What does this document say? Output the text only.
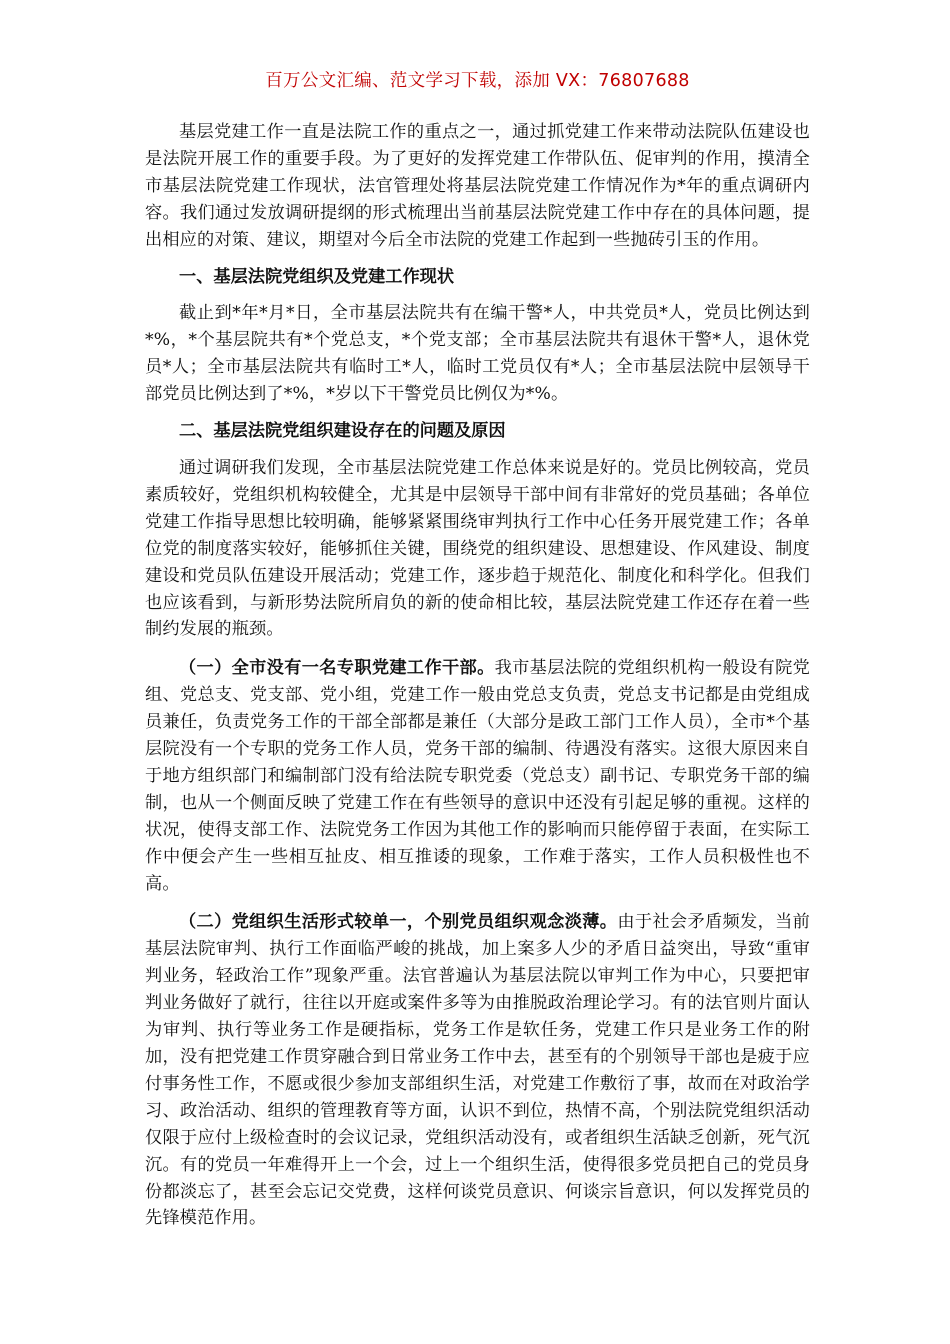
百万公文汇编、范文学习下载，添加 VX：76807688

基层党建工作一直是法院工作的重点之一，通过抓党建工作来带动法院队伍建设也是法院开展工作的重要手段。为了更好的发挥党建工作带队伍、促审判的作用，摸清全市基层法院党建工作现状，法官管理处将基层法院党建工作情况作为*年的重点调研内容。我们通过发放调研提纲的形式梳理出当前基层法院党建工作中存在的具体问题，提出相应的对策、建议，期望对今后全市法院的党建工作起到一些抛砖引玉的作用。

一、基层法院党组织及党建工作现状

截止到*年*月*日，全市基层法院共有在编干警*人，中共党员*人，党员比例达到*%，*个基层院共有*个党总支，*个党支部；全市基层法院共有退休干警*人，退休党员*人；全市基层法院共有临时工*人，临时工党员仅有*人；全市基层法院中层领导干部党员比例达到了*%，*岁以下干警党员比例仅为*%。

二、基层法院党组织建设存在的问题及原因

通过调研我们发现，全市基层法院党建工作总体来说是好的。党员比例较高，党员素质较好，党组织机构较健全，尤其是中层领导干部中间有非常好的党员基础；各单位党建工作指导思想比较明确，能够紧紧围绕审判执行工作中心任务开展党建工作；各单位党的制度落实较好，能够抓住关键，围绕党的组织建设、思想建设、作风建设、制度建设和党员队伍建设开展活动；党建工作，逐步趋于规范化、制度化和科学化。但我们也应该看到，与新形势法院所肩负的新的使命相比较，基层法院党建工作还存在着一些制约发展的瓶颈。

（一）全市没有一名专职党建工作干部。我市基层法院的党组织机构一般设有院党组、党总支、党支部、党小组，党建工作一般由党总支负责，党总支书记都是由党组成员兼任，负责党务工作的干部全部都是兼任（大部分是政工部门工作人员），全市*个基层院没有一个专职的党务工作人员，党务干部的编制、待遇没有落实。这很大原因来自于地方组织部门和编制部门没有给法院专职党委（党总支）副书记、专职党务干部的编制，也从一个侧面反映了党建工作在有些领导的意识中还没有引起足够的重视。这样的状况，使得支部工作、法院党务工作因为其他工作的影响而只能停留于表面，在实际工作中便会产生一些相互扯皮、相互推诿的现象，工作难于落实，工作人员积极性也不高。

（二）党组织生活形式较单一，个别党员组织观念淡薄。由于社会矛盾频发，当前基层法院审判、执行工作面临严峻的挑战，加上案多人少的矛盾日益突出，导致“重审判业务，轻政治工作”现象严重。法官普遍认为基层法院以审判工作为中心，只要把审判业务做好了就行，往往以开庭或案件多等为由推脱政治理论学习。有的法官则片面认为审判、执行等业务工作是硬指标，党务工作是软任务，党建工作只是业务工作的附加，没有把党建工作贯穿融合到日常业务工作中去，甚至有的个别领导干部也是疲于应付事务性工作，不愿或很少参加支部组织生活，对党建工作敷衍了事，故而在对政治学习、政治活动、组织的管理教育等方面，认识不到位，热情不高，个别法院党组织活动仅限于应付上级检查时的会议记录，党组织活动没有，或者组织生活缺乏创新，死气沉沉。有的党员一年难得开上一个会，过上一个组织生活，使得很多党员把自己的党员身份都淡忘了，甚至会忘记交党费，这样何谈党员意识、何谈宗旨意识，何以发挥党员的先锋模范作用。
